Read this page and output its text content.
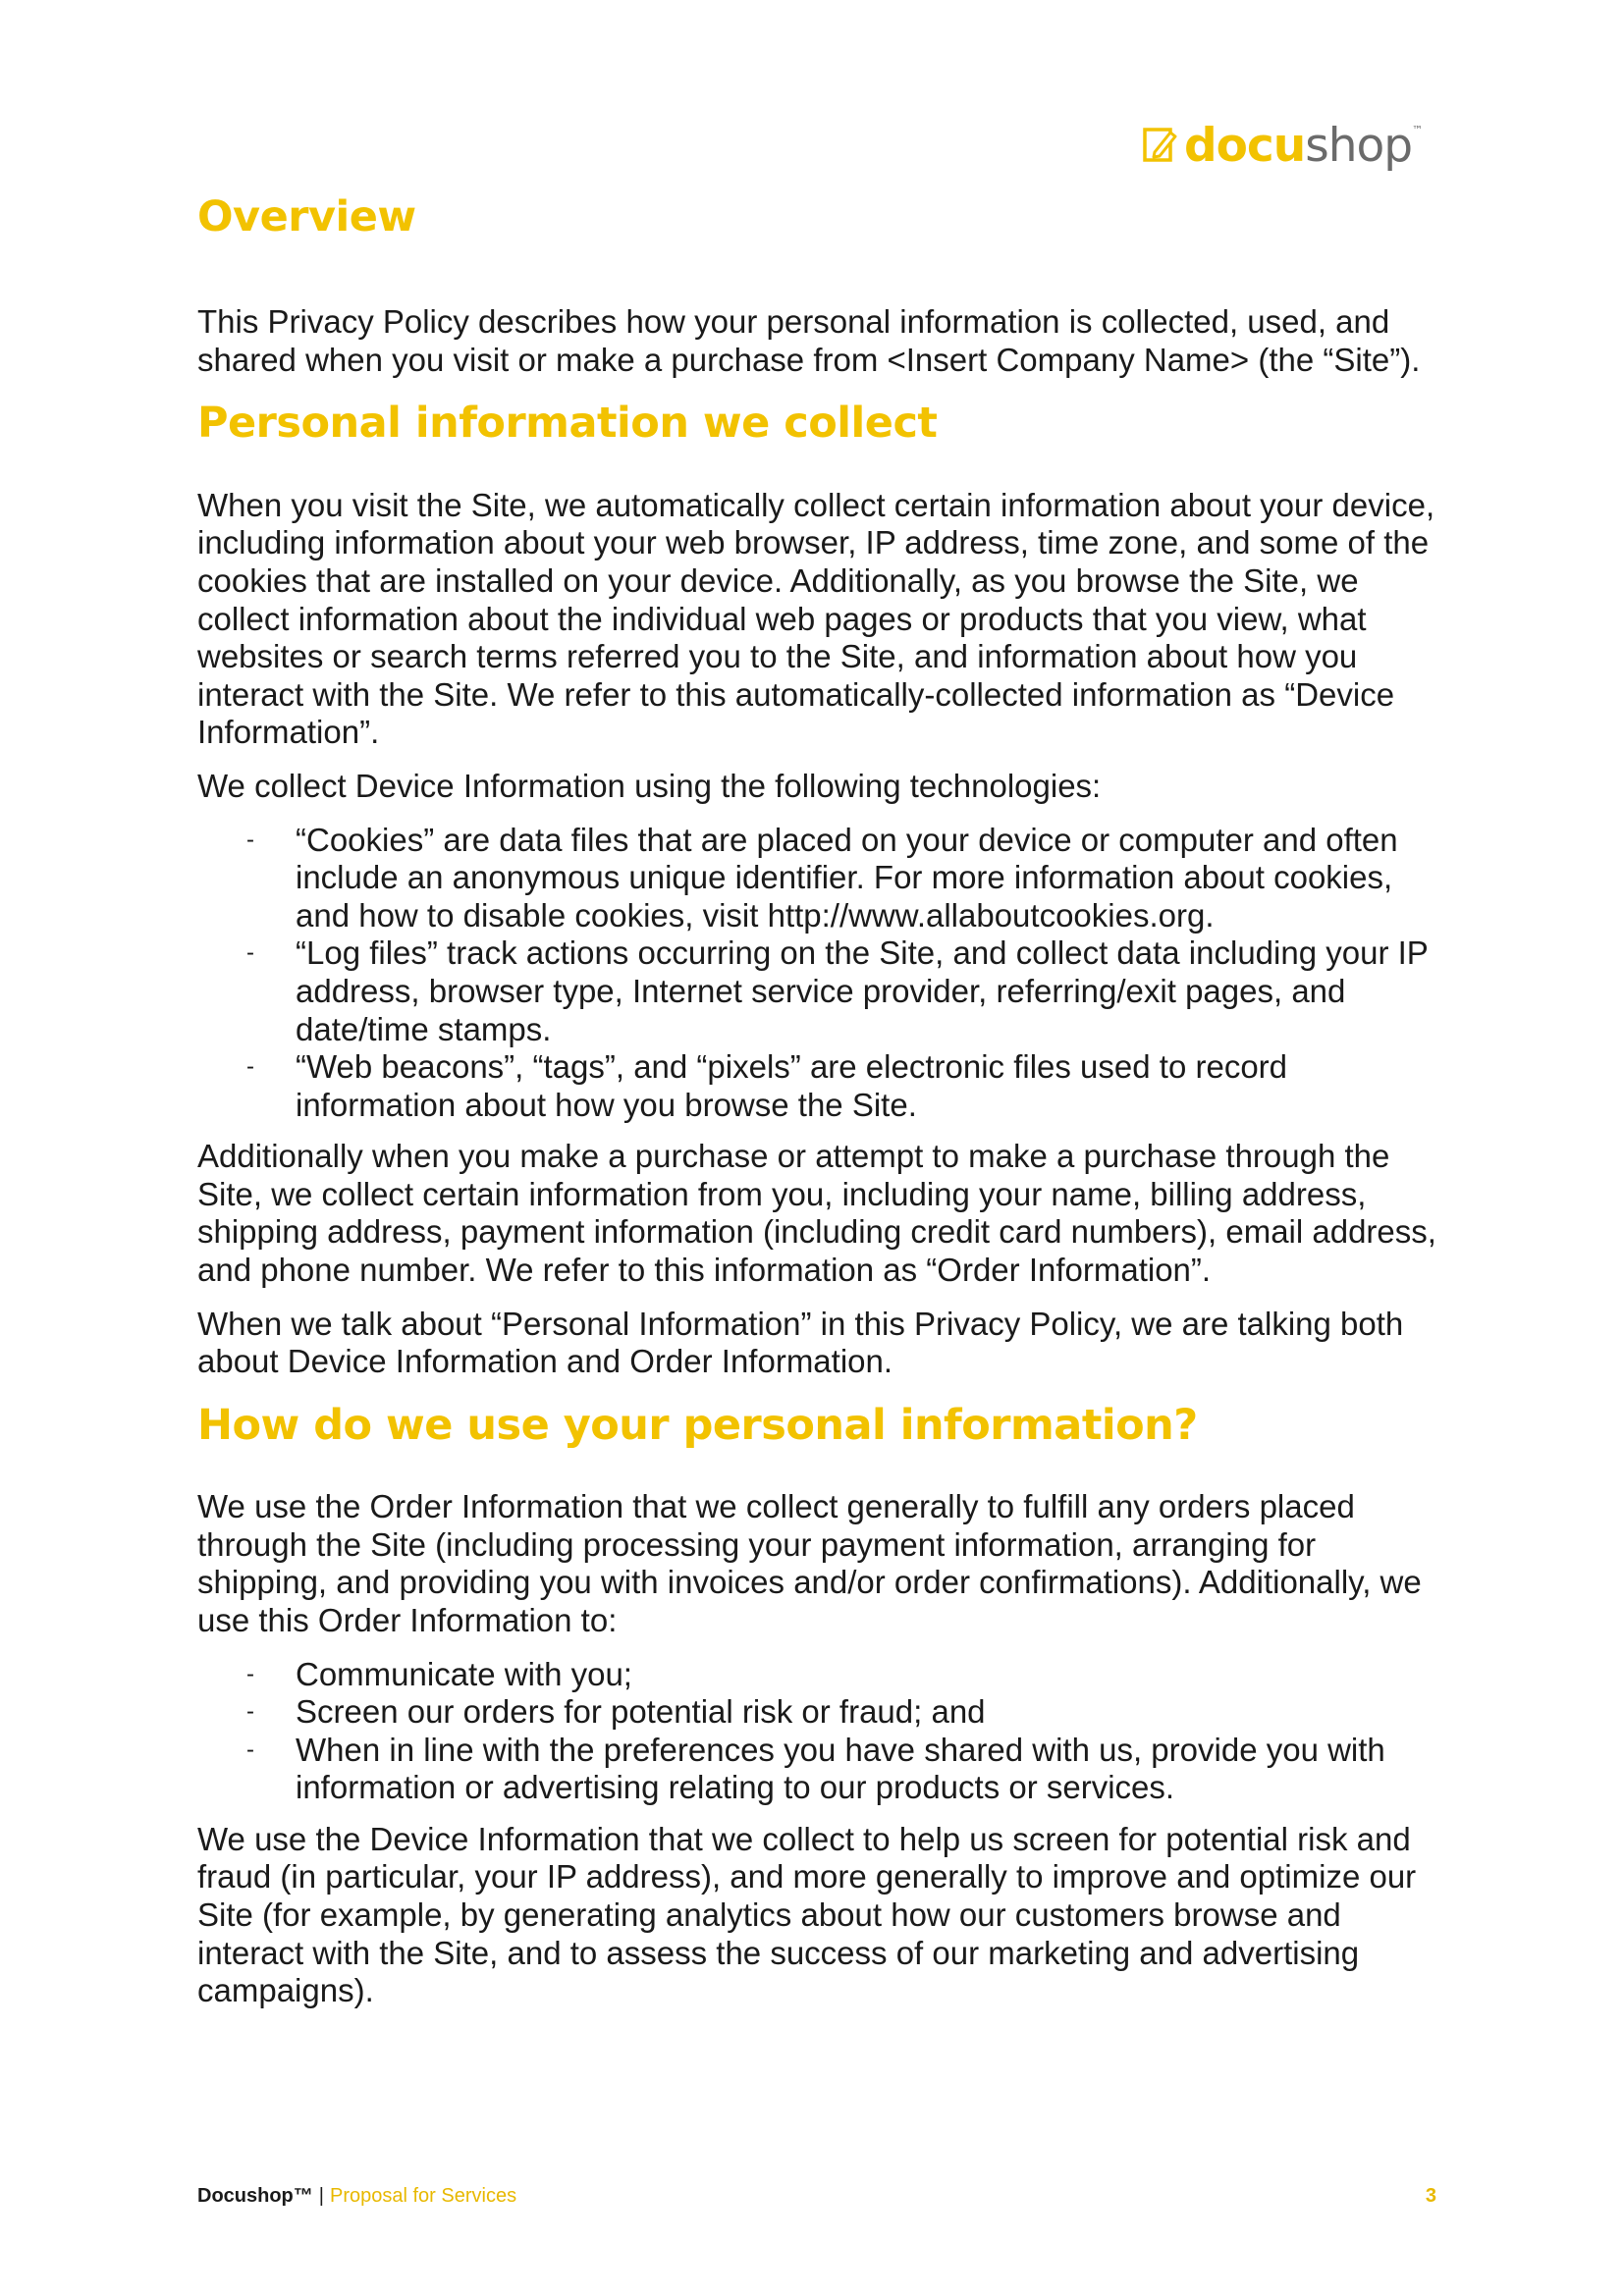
docushop™
Overview

This Privacy Policy describes how your personal information is collected, used, and shared when you visit or make a purchase from <Insert Company Name> (the “Site”).

Personal information we collect

When you visit the Site, we automatically collect certain information about your device, including information about your web browser, IP address, time zone, and some of the cookies that are installed on your device. Additionally, as you browse the Site, we collect information about the individual web pages or products that you view, what websites or search terms referred you to the Site, and information about how you interact with the Site. We refer to this automatically-collected information as “Device Information”.

We collect Device Information using the following technologies:

- “Cookies” are data files that are placed on your device or computer and often include an anonymous unique identifier. For more information about cookies, and how to disable cookies, visit http://www.allaboutcookies.org.
- “Log files” track actions occurring on the Site, and collect data including your IP address, browser type, Internet service provider, referring/exit pages, and date/time stamps.
- “Web beacons”, “tags”, and “pixels” are electronic files used to record information about how you browse the Site.

Additionally when you make a purchase or attempt to make a purchase through the Site, we collect certain information from you, including your name, billing address, shipping address, payment information (including credit card numbers), email address, and phone number. We refer to this information as “Order Information”.

When we talk about “Personal Information” in this Privacy Policy, we are talking both about Device Information and Order Information.

How do we use your personal information?

We use the Order Information that we collect generally to fulfill any orders placed through the Site (including processing your payment information, arranging for shipping, and providing you with invoices and/or order confirmations). Additionally, we use this Order Information to:

- Communicate with you;
- Screen our orders for potential risk or fraud; and
- When in line with the preferences you have shared with us, provide you with information or advertising relating to our products or services.

We use the Device Information that we collect to help us screen for potential risk and fraud (in particular, your IP address), and more generally to improve and optimize our Site (for example, by generating analytics about how our customers browse and interact with the Site, and to assess the success of our marketing and advertising campaigns).

Docushop™ | Proposal for Services	3
